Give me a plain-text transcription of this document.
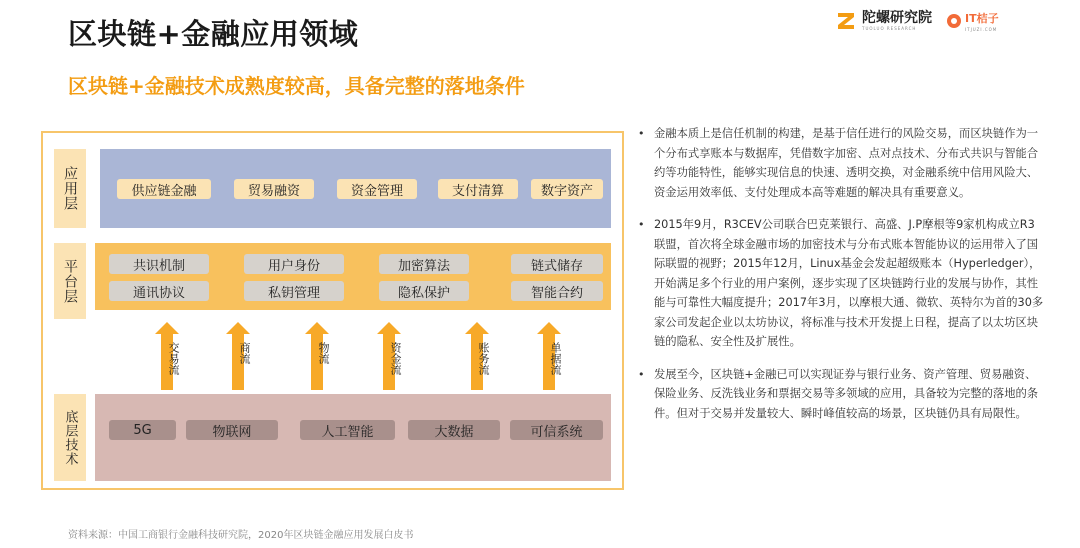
区块链+金融应用领域
区块链+金融技术成熟度较高，具备完整的落地条件
陀螺研究院
TUOLUO RESEARCH
IT桔子
ITJUZI.COM
应用层	供应链金融	贸易融资	资金管理	支付清算	数字资产
平台层	共识机制	用户身份	加密算法	链式储存
通讯协议	私钥管理	隐私保护	智能合约
交易流	商流	物流	资金流	账务流	单据流
底层技术	5G	物联网	人工智能	大数据	可信系统
• 金融本质上是信任机制的构建，是基于信任进行的风险交易，而区块链作为一个分布式享账本与数据库，凭借数字加密、点对点技术、分布式共识与智能合约等功能特性，能够实现信息的快速、透明交换，对金融系统中信用风险大、资金运用效率低、支付处理成本高等难题的解决具有重要意义。
• 2015年9月，R3CEV公司联合巴克莱银行、高盛、J.P摩根等9家机构成立R3联盟，首次将全球金融市场的加密技术与分布式账本智能协议的运用带入了国际联盟的视野；2015年12月，Linux基金会发起超级账本（Hyperledger），开始满足多个行业的用户案例，逐步实现了区块链跨行业的发展与协作，其性能与可靠性大幅度提升；2017年3月，以摩根大通、微软、英特尔为首的30多家公司发起企业以太坊协议，将标准与技术开发提上日程，提高了以太坊区块链的隐私、安全性及扩展性。
• 发展至今，区块链+金融已可以实现证券与银行业务、资产管理、贸易融资、保险业务、反洗钱业务和票据交易等多领域的应用，具备较为完整的落地的条件。但对于交易并发量较大、瞬时峰值较高的场景，区块链仍具有局限性。
资料来源：中国工商银行金融科技研究院，2020年区块链金融应用发展白皮书
